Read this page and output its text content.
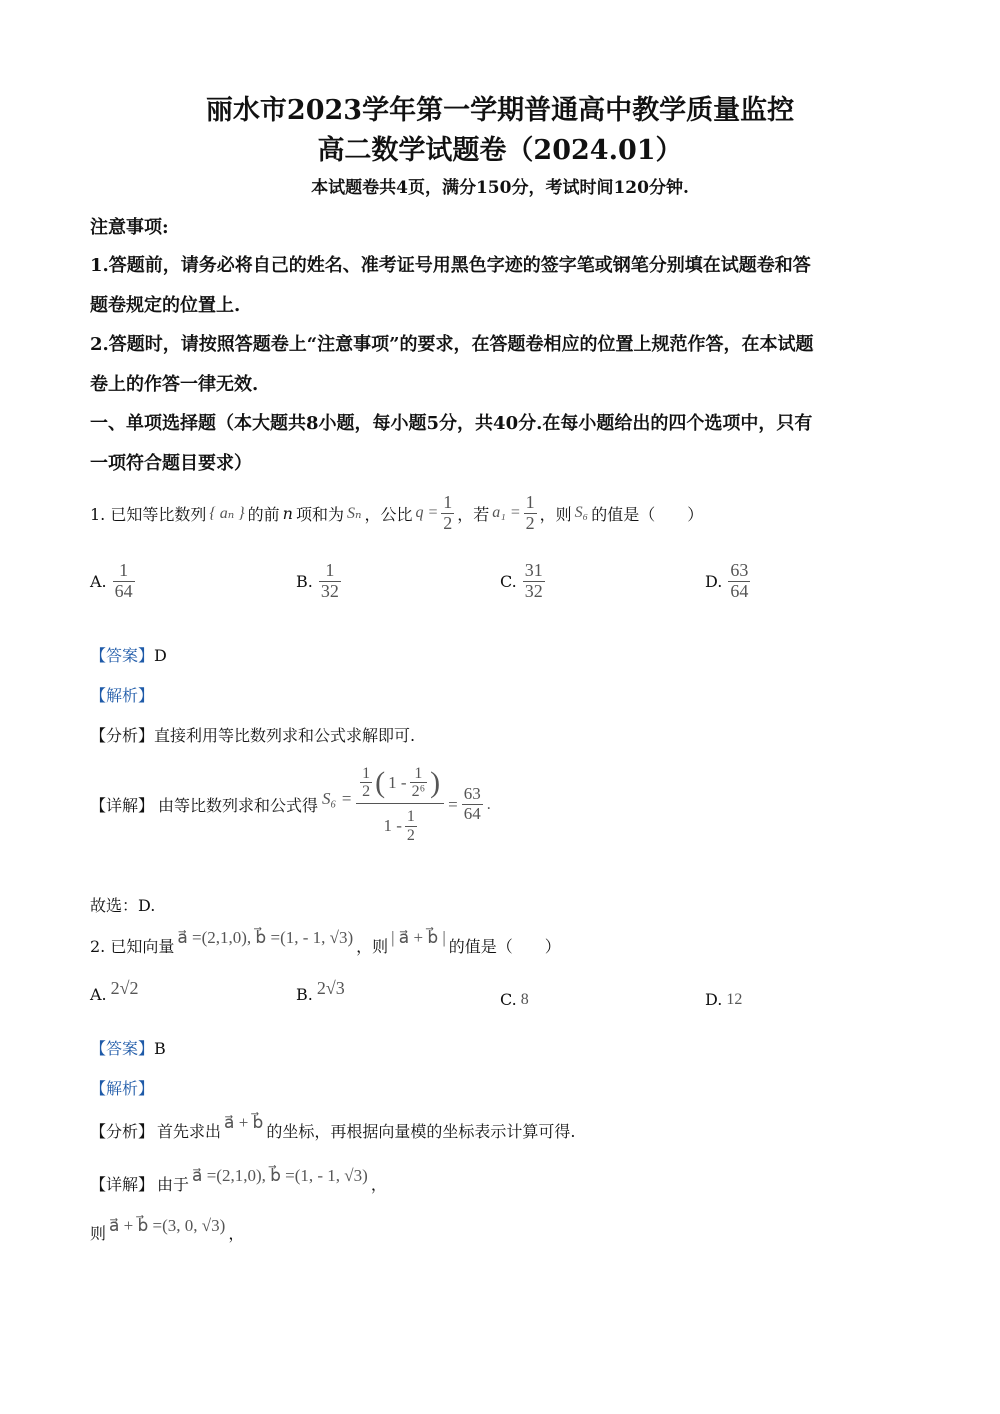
丽水市2023学年第一学期普通高中教学质量监控
高二数学试题卷（2024.01）
本试题卷共4页，满分150分，考试时间120分钟.
注意事项:
1.答题前，请务必将自己的姓名、准考证号用黑色字迹的签字笔或钢笔分别填在试题卷和答
题卷规定的位置上.
2.答题时，请按照答题卷上“注意事项”的要求，在答题卷相应的位置上规范作答，在本试题
卷上的作答一律无效.
一、单项选择题（本大题共8小题，每小题5分，共40分.在每小题给出的四个选项中，只有
一项符合题目要求）
1. 已知等比数列 { aₙ } 的前 n 项和为 Sₙ ，公比 $q = \frac{1}{2}$ ，若 $a_1 = \frac{1}{2}$ ，则 S₆ 的值是（　　）
A. $\frac{1}{64}$	B. $\frac{1}{32}$	C. $\frac{31}{32}$	D. $\frac{63}{64}$
【答案】D
【解析】
【分析】直接利用等比数列求和公式求解即可.
【详解】 由等比数列求和公式得 $S_6 = \frac{\frac{1}{2} ( 1 - \frac{1}{\text{2⁶}} )}{1 - \frac{1}{2}} = \frac{63}{64}$ .
故选：D.
2. 已知向量 a⃗ =(2,1,0), b⃗ =(1, - 1, √3) ，则 | a⃗ + b⃗ | 的值是（　　）
A. 2√2	B. 2√3
C. 8	D. 12
【答案】B
【解析】
【分析】 首先求出 a⃗ + b⃗ 的坐标，再根据向量模的坐标表示计算可得.
【详解】 由于 a⃗ =(2,1,0), b⃗ =(1, - 1, √3) ，
则 a⃗ + b⃗ =(3, 0, √3) ，
